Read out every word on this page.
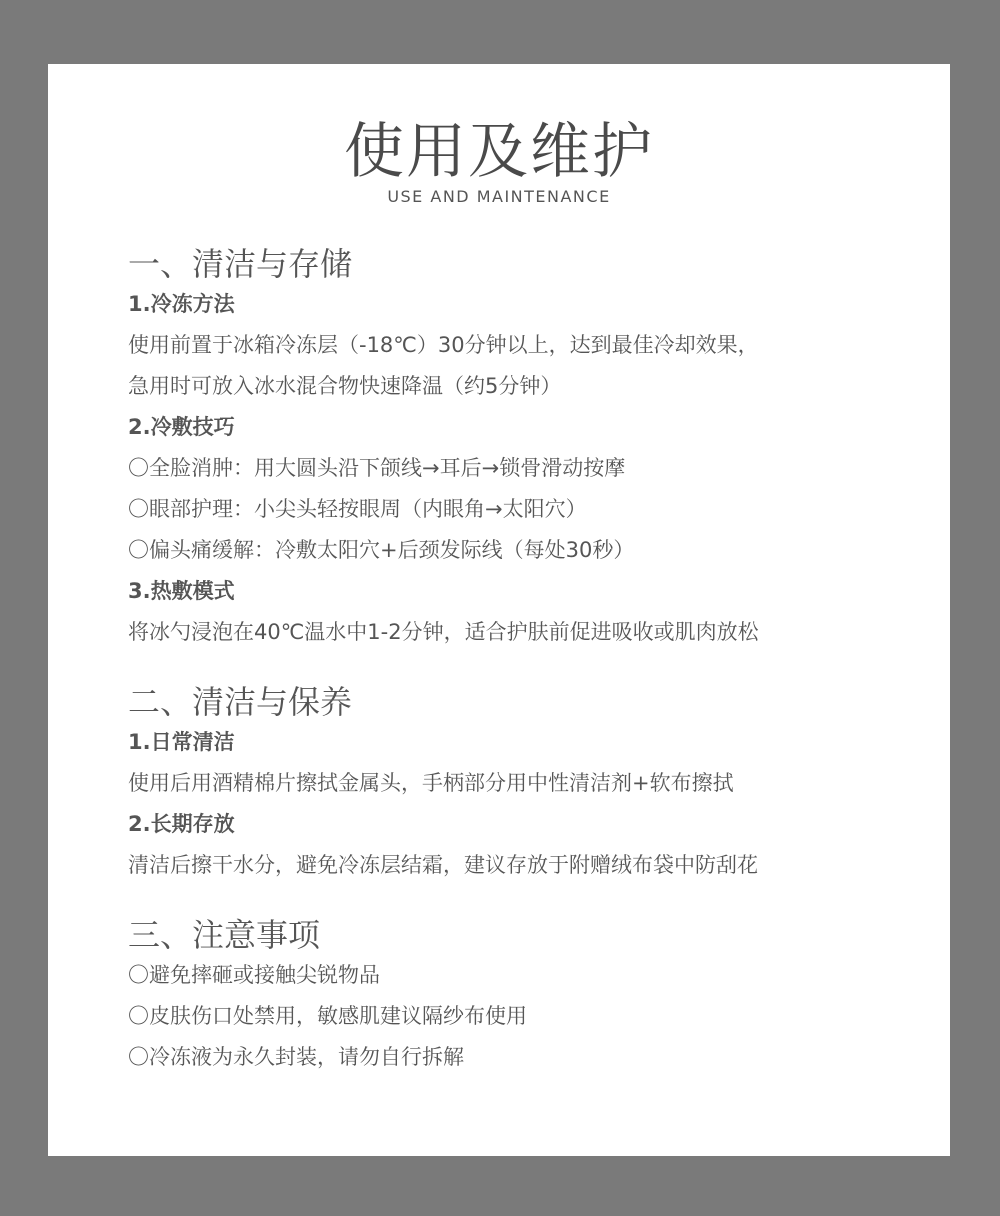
使用及维护
USE AND MAINTENANCE
一、清洁与存储
1.冷冻方法
使用前置于冰箱冷冻层（-18℃）30分钟以上，达到最佳冷却效果，
急用时可放入冰水混合物快速降温（约5分钟）
2.冷敷技巧
〇全脸消肿：用大圆头沿下颌线→耳后→锁骨滑动按摩
〇眼部护理：小尖头轻按眼周（内眼角→太阳穴）
〇偏头痛缓解：冷敷太阳穴+后颈发际线（每处30秒）
3.热敷模式
将冰勺浸泡在40℃温水中1-2分钟，适合护肤前促进吸收或肌肉放松
二、清洁与保养
1.日常清洁
使用后用酒精棉片擦拭金属头，手柄部分用中性清洁剂+软布擦拭
2.长期存放
清洁后擦干水分，避免冷冻层结霜，建议存放于附赠绒布袋中防刮花
三、注意事项
〇避免摔砸或接触尖锐物品
〇皮肤伤口处禁用，敏感肌建议隔纱布使用
〇冷冻液为永久封装，请勿自行拆解
